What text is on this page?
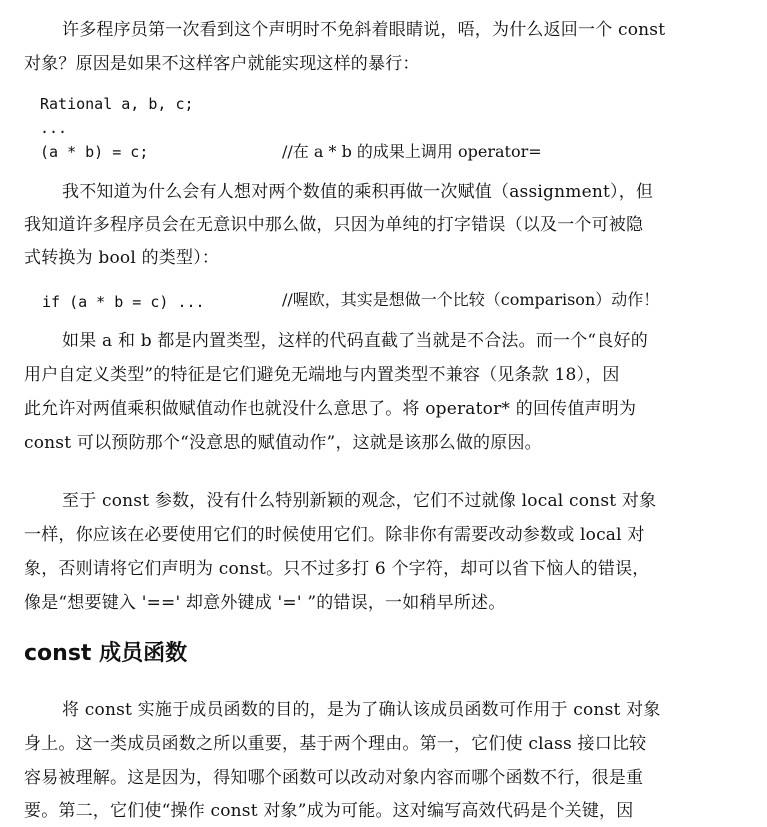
许多程序员第一次看到这个声明时不免斜着眼睛说，唔，为什么返回一个 const
对象？原因是如果不这样客户就能实现这样的暴行：
Rational a, b, c;
...
(a * b) = c;	//在 a * b 的成果上调用 operator=
我不知道为什么会有人想对两个数值的乘积再做一次赋值（assignment），但
我知道许多程序员会在无意识中那么做，只因为单纯的打字错误（以及一个可被隐
式转换为 bool 的类型）：
if (a * b = c) ...	//喔欧，其实是想做一个比较（comparison）动作！
如果 a 和 b 都是内置类型，这样的代码直截了当就是不合法。而一个“良好的
用户自定义类型”的特征是它们避免无端地与内置类型不兼容（见条款 18），因
此允许对两值乘积做赋值动作也就没什么意思了。将 operator* 的回传值声明为
const 可以预防那个“没意思的赋值动作”，这就是该那么做的原因。
至于 const 参数，没有什么特别新颖的观念，它们不过就像 local const 对象
一样，你应该在必要使用它们的时候使用它们。除非你有需要改动参数或 local 对
象，否则请将它们声明为 const。只不过多打 6 个字符，却可以省下恼人的错误，
像是“想要键入 '==' 却意外键成 '=' ”的错误，一如稍早所述。
const 成员函数
将 const 实施于成员函数的目的，是为了确认该成员函数可作用于 const 对象
身上。这一类成员函数之所以重要，基于两个理由。第一，它们使 class 接口比较
容易被理解。这是因为，得知哪个函数可以改动对象内容而哪个函数不行，很是重
要。第二，它们使“操作 const 对象”成为可能。这对编写高效代码是个关键，因
